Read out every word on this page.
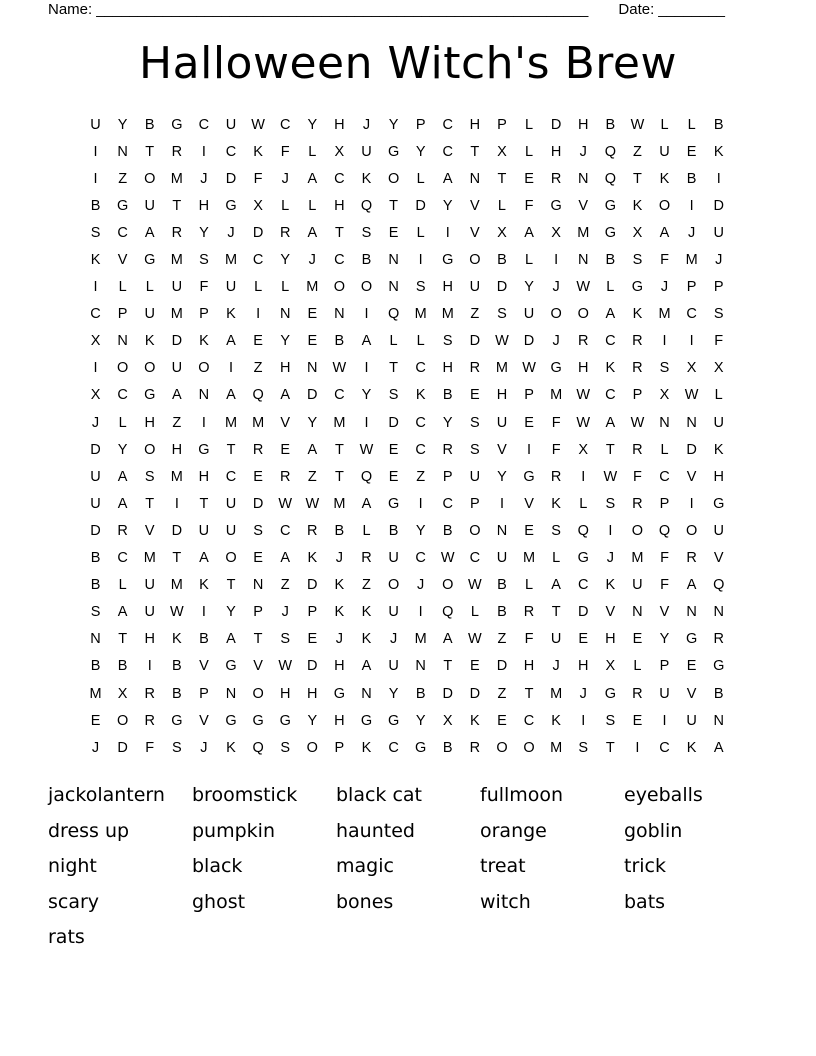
Name: ___________________________________________________________ Date: ________
Halloween Witch's Brew
U	Y	B	G	C	U	W	C	Y	H	J	Y	P	C	H	P	L	D	H	B	W	L	L	B
I	N	T	R	I	C	K	F	L	X	U	G	Y	C	T	X	L	H	J	Q	Z	U	E	K
I	Z	O	M	J	D	F	J	A	C	K	O	L	A	N	T	E	R	N	Q	T	K	B	I
B	G	U	T	H	G	X	L	L	H	Q	T	D	Y	V	L	F	G	V	G	K	O	I	D
S	C	A	R	Y	J	D	R	A	T	S	E	L	I	V	X	A	X	M	G	X	A	J	U
K	V	G	M	S	M	C	Y	J	C	B	N	I	G	O	B	L	I	N	B	S	F	M	J
I	L	L	U	F	U	L	L	M	O	O	N	S	H	U	D	Y	J	W	L	G	J	P	P
C	P	U	M	P	K	I	N	E	N	I	Q	M	M	Z	S	U	O	O	A	K	M	C	S
X	N	K	D	K	A	E	Y	E	B	A	L	L	S	D	W	D	J	R	C	R	I	I	F
I	O	O	U	O	I	Z	H	N	W	I	T	C	H	R	M W	G	H	K	R	S	X	X
X	C	G	A	N	A	Q	A	D	C	Y	S	K	B	E	H	P	M W	C	P	X	W	L
J	L	H	Z	I	M	M	V	Y	M	I	D	C	Y	S	U	E	F	W	A	W	N	N	U
D	Y	O	H	G	T	R	E	A	T	W	E	C	R	S	V	I	F	X	T	R	L	D	K
U	A	S	M	H	C	E	R	Z	T	Q	E	Z	P	U	Y	G	R	I	W	F	C	V	H
U	A	T	I	T	U	D	W W M	A	G	I	C	P	I	V	K	L	S	R	P	I	G
D	R	V	D	U	U	S	C	R	B	L	B	Y	B	O	N	E	S	Q	I	O	Q	O	U
B	C	M	T	A	O	E	A	K	J	R	U	C	W	C	U	M	L	G	J	M	F	R	V
B	L	U	M	K	T	N	Z	D	K	Z	O	J	O	W	B	L	A	C	K	U	F	A	Q
S	A	U	W	I	Y	P	J	P	K	K	U	I	Q	L	B	R	T	D	V	N	V	N	N
N	T	H	K	B	A	T	S	E	J	K	J	M	A	W	Z	F	U	E	H	E	Y	G	R
B	B	I	B	V	G	V	W	D	H	A	U	N	T	E	D	H	J	H	X	L	P	E	G
M	X	R	B	P	N	O	H	H	G	N	Y	B	D	D	Z	T	M	J	G	R	U	V	B
E	O	R	G	V	G	G	G	Y	H	G	G	Y	X	K	E	C	K	I	S	E	I	U	N
J	D	F	S	J	K	Q	S	O	P	K	C	G	B	R	O	O	M	S	T	I	C	K	A
jackolantern
dress up
night
scary
rats
broomstick
pumpkin
black
ghost
black cat
haunted
magic
bones
fullmoon
orange
treat
witch
eyeballs
goblin
trick
bats
